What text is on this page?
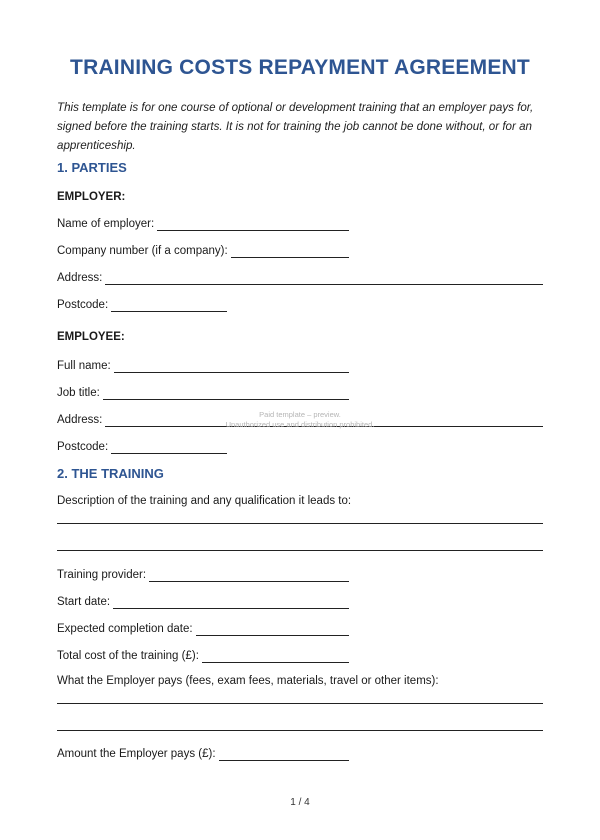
TRAINING COSTS REPAYMENT AGREEMENT

This template is for one course of optional or development training that an employer pays for, signed before the training starts. It is not for training the job cannot be done without, or for an apprenticeship.

1. PARTIES
EMPLOYER:
Name of employer:
Company number (if a company):
Address:
Postcode:
EMPLOYEE:
Full name:
Job title:
Address:
Postcode:
2. THE TRAINING

Description of the training and any qualification it leads to:

Training provider:
Start date:
Expected completion date:
Total cost of the training (£):

What the Employer pays (fees, exam fees, materials, travel or other items):

Amount the Employer pays (£):
Paid template – preview.
Unauthorized use and distribution prohibited.
1 / 4
